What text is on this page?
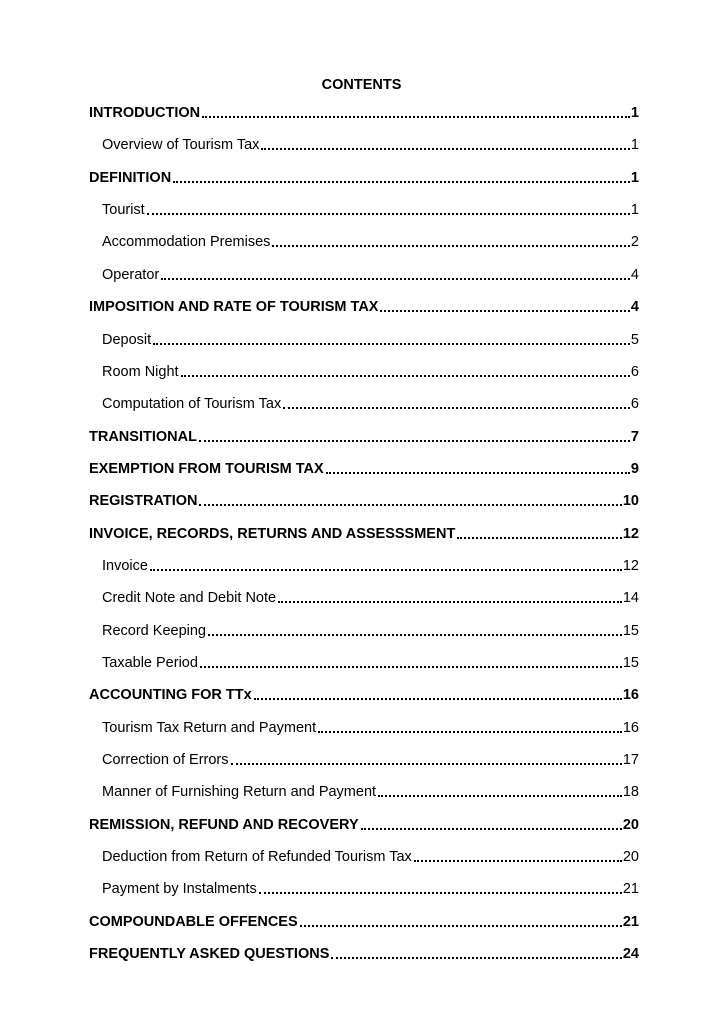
CONTENTS
INTRODUCTION	1
Overview of Tourism Tax	1
DEFINITION	1
Tourist	1
Accommodation Premises	2
Operator	4
IMPOSITION AND RATE OF TOURISM TAX	4
Deposit	5
Room Night	6
Computation of Tourism Tax	6
TRANSITIONAL	7
EXEMPTION FROM TOURISM TAX	9
REGISTRATION	10
INVOICE, RECORDS, RETURNS AND ASSESSSMENT	12
Invoice	12
Credit Note and Debit Note	14
Record Keeping	15
Taxable Period	15
ACCOUNTING FOR TTx	16
Tourism Tax Return and Payment	16
Correction of Errors	17
Manner of Furnishing Return and Payment	18
REMISSION, REFUND AND RECOVERY	20
Deduction from Return of Refunded Tourism Tax	20
Payment by Instalments	21
COMPOUNDABLE OFFENCES	21
FREQUENTLY ASKED QUESTIONS	24
